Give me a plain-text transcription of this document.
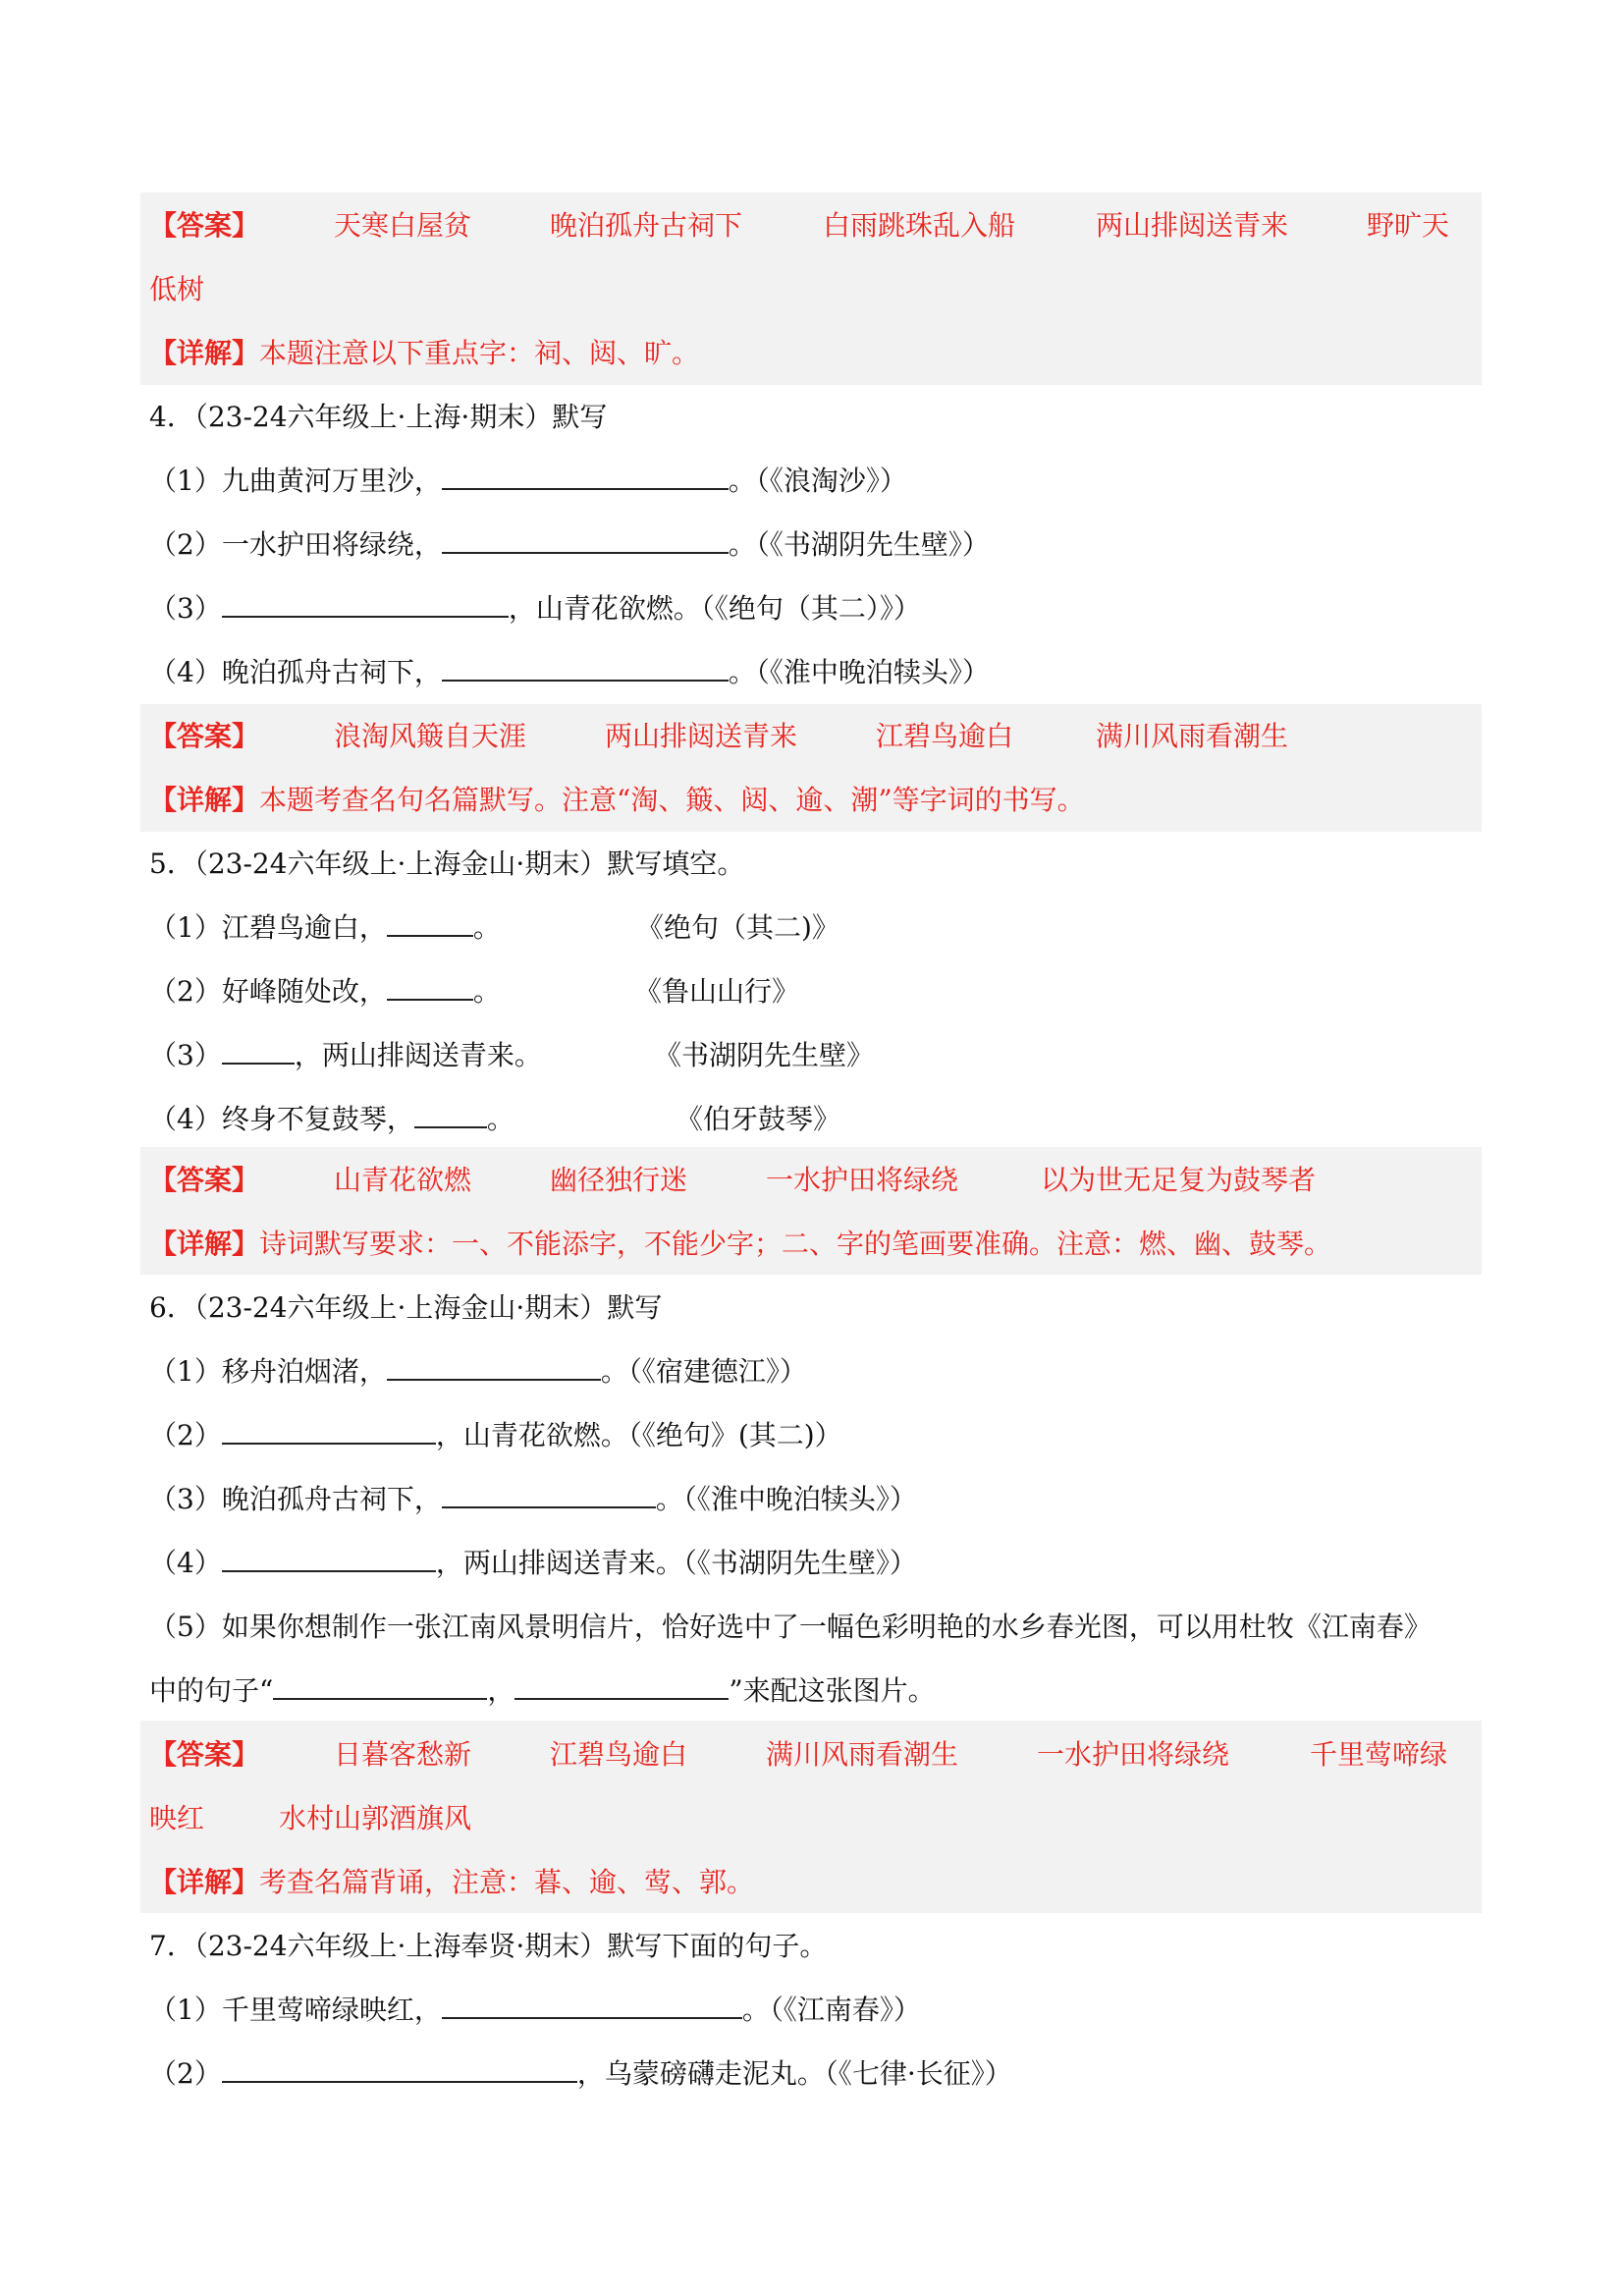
【答案】	天寒白屋贫	晚泊孤舟古祠下	白雨跳珠乱入船	两山排闼送青来	野旷天
低树
【详解】本题注意以下重点字：祠、闼、旷。
4．（23-24六年级上·上海·期末）默写
（1）九曲黄河万里沙，	。（《浪淘沙》）
（2）一水护田将绿绕，	。（《书湖阴先生壁》）
（3）	，山青花欲燃。（《绝句（其二）》）
（4）晚泊孤舟古祠下，	。（《淮中晚泊犊头》）
【答案】	浪淘风簸自天涯	两山排闼送青来	江碧鸟逾白	满川风雨看潮生
【详解】本题考查名句名篇默写。注意“淘、簸、闼、逾、潮”等字词的书写。
5．（23-24六年级上·上海金山·期末）默写填空。
（1）江碧鸟逾白，	。	《绝句（其二)》
（2）好峰随处改，	。	《鲁山山行》
（3）	，两山排闼送青来。	《书湖阴先生壁》
（4）终身不复鼓琴，	。	《伯牙鼓琴》
【答案】	山青花欲燃	幽径独行迷	一水护田将绿绕	以为世无足复为鼓琴者
【详解】诗词默写要求：一、不能添字，不能少字；二、字的笔画要准确。注意：燃、幽、鼓琴。
6．（23-24六年级上·上海金山·期末）默写
（1）移舟泊烟渚，	。（《宿建德江》）
（2）	，山青花欲燃。（《绝句》(其二)）
（3）晚泊孤舟古祠下，	。（《淮中晚泊犊头》）
（4）	，两山排闼送青来。（《书湖阴先生壁》）
（5）如果你想制作一张江南风景明信片，恰好选中了一幅色彩明艳的水乡春光图，可以用杜牧《江南春》
中的句子“	，	”来配这张图片。
【答案】	日暮客愁新	江碧鸟逾白	满川风雨看潮生	一水护田将绿绕	千里莺啼绿
映红	水村山郭酒旗风
【详解】考查名篇背诵，注意：暮、逾、莺、郭。
7．（23-24六年级上·上海奉贤·期末）默写下面的句子。
（1）千里莺啼绿映红，	。（《江南春》）
（2）	，乌蒙磅礴走泥丸。（《七律·长征》）
